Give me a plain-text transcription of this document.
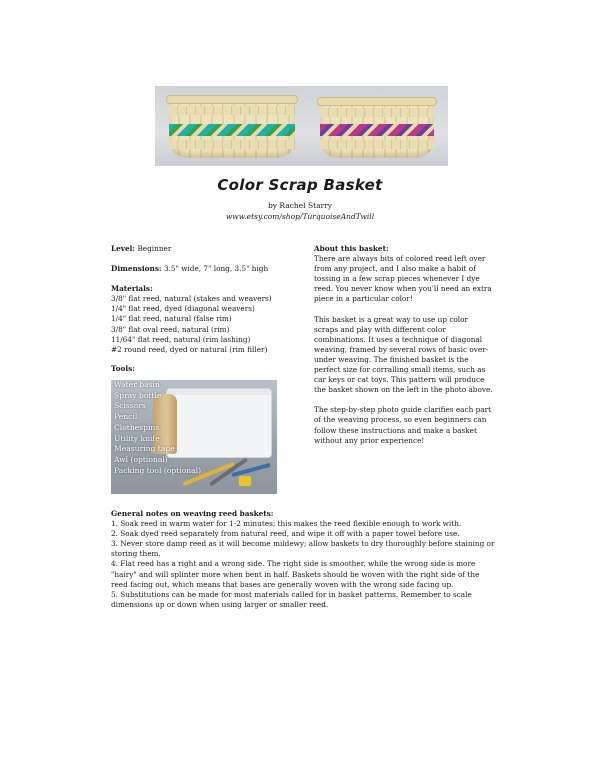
Color Scrap Basket
by Rachel Starry
www.etsy.com/shop/TurquoiseAndTwill
Level: Beginner
Dimensions: 3.5" wide, 7" long, 3.5" high
Materials:
3/8" flat reed, natural (stakes and weavers)
1/4" flat reed, dyed (diagonal weavers)
1/4" flat reed, natural (false rim)
3/8" flat oval reed, natural (rim)
11/64" flat reed, natural (rim lashing)
#2 round reed, dyed or natural (rim filler)
Tools:
Water basin
Spray bottle
Scissors
Pencil
Clothespins
Utility knife
Measuring tape
Awl (optional)
Packing tool (optional)
About this basket:
There are always bits of colored reed left over from any project, and I also make a habit of tossing in a few scrap pieces whenever I dye reed. You never know when you'll need an extra piece in a particular color!
This basket is a great way to use up color scraps and play with different color combinations. It uses a technique of diagonal weaving, framed by several rows of basic over-under weaving. The finished basket is the perfect size for corralling small items, such as car keys or cat toys. This pattern will produce the basket shown on the left in the photo above.
The step-by-step photo guide clarifies each part of the weaving process, so even beginners can follow these instructions and make a basket without any prior experience!
General notes on weaving reed baskets:
1. Soak reed in warm water for 1-2 minutes; this makes the reed flexible enough to work with.
2. Soak dyed reed separately from natural reed, and wipe it off with a paper towel before use.
3. Never store damp reed as it will become mildewy; allow baskets to dry thoroughly before staining or storing them.
4. Flat reed has a right and a wrong side. The right side is smoother, while the wrong side is more "hairy" and will splinter more when bent in half. Baskets should be woven with the right side of the reed facing out, which means that bases are generally woven with the wrong side facing up.
5. Substitutions can be made for most materials called for in basket patterns. Remember to scale dimensions up or down when using larger or smaller reed.
